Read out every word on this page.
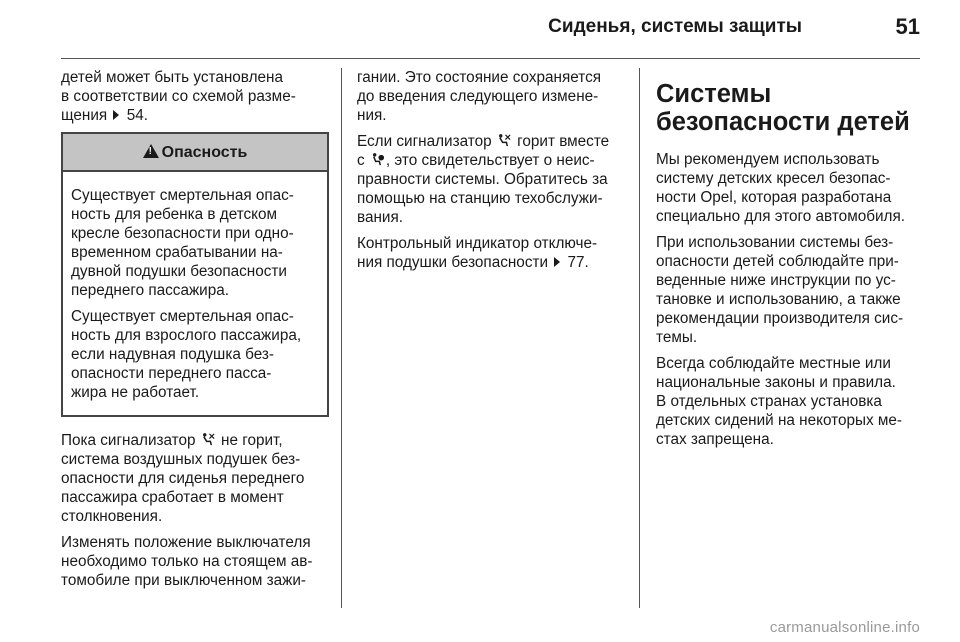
Сиденья, системы защиты	51

детей может быть установлена
в соответствии со схемой разме-
щения  54.

!Опасность

Существует смертельная опас-
ность для ребенка в детском
кресле безопасности при одно-
временном срабатывании на-
дувной подушки безопасности
переднего пассажира.

Существует смертельная опас-
ность для взрослого пассажира,
если надувная подушка без-
опасности переднего пасса-
жира не работает.

Пока сигнализатор  не горит,
система воздушных подушек без-
опасности для сиденья переднего
пассажира сработает в момент
столкновения.

Изменять положение выключателя
необходимо только на стоящем ав-
томобиле при выключенном зажи-

гании. Это состояние сохраняется
до введения следующего измене-
ния.

Если сигнализатор  горит вместе
с , это свидетельствует о неис-
правности системы. Обратитесь за
помощью на станцию техобслужи-
вания.

Контрольный индикатор отключе-
ния подушки безопасности  77.

Системы
безопасности детей

Мы рекомендуем использовать
систему детских кресел безопас-
ности Opel, которая разработана
специально для этого автомобиля.

При использовании системы без-
опасности детей соблюдайте при-
веденные ниже инструкции по ус-
тановке и использованию, а также
рекомендации производителя сис-
темы.

Всегда соблюдайте местные или
национальные законы и правила.
В отдельных странах установка
детских сидений на некоторых ме-
стах запрещена.

carmanualsonline.info
